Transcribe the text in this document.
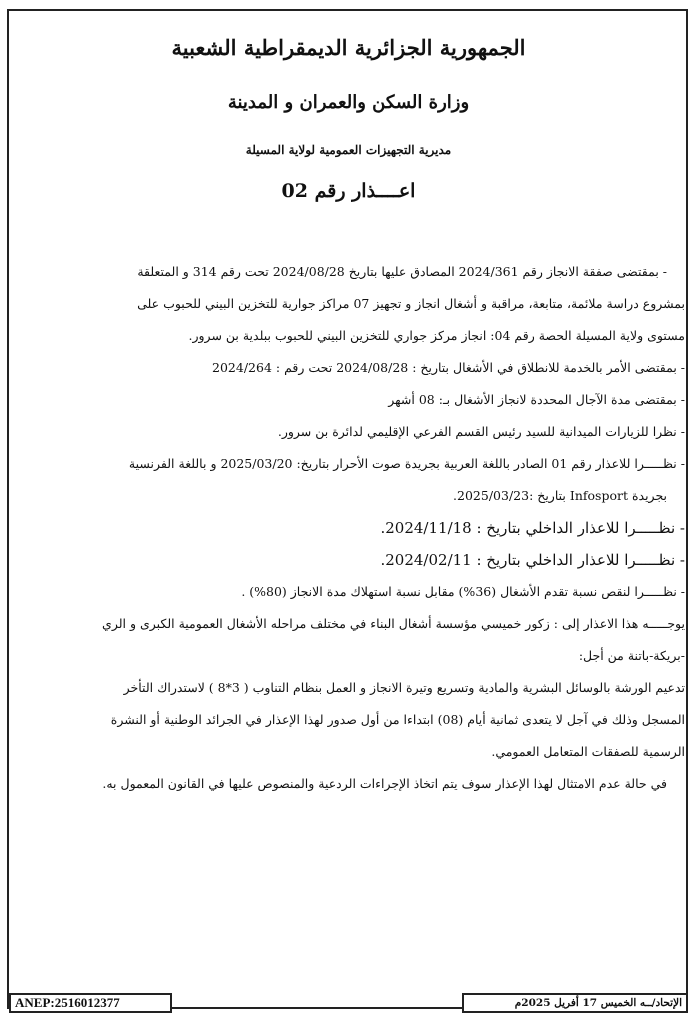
الجمهورية الجزائرية الديمقراطية الشعبية
وزارة السكن والعمران و المدينة
مديرية التجهيزات العمومية لولاية المسيلة
اعــــذار رقم 02

- بمقتضى صفقة الانجاز رقم 2024/361 المصادق عليها بتاريخ 2024/08/28 تحت رقم 314 و المتعلقة

بمشروع دراسة ملائمة، متابعة، مراقبة و أشغال انجاز و تجهيز 07 مراكز جوارية للتخزين البيني للحبوب على

مستوى ولاية المسيلة الحصة رقم 04: انجاز مركز جواري للتخزين البيني للحبوب ببلدية بن سرور.

- بمقتضى الأمر بالخدمة للانطلاق في الأشغال بتاريخ : 2024/08/28 تحت رقم : 2024/264

- بمقتضى مدة الآجال المحددة لانجاز الأشغال بـ: 08 أشهر

- نظرا للزيارات الميدانية للسيد رئيس القسم الفرعي الإقليمي لدائرة بن سرور.

- نظـــــرا للاعذار رقم 01 الصادر باللغة العربية بجريدة صوت الأحرار بتاريخ: 2025/03/20 و باللغة الفرنسية

بجريدة Infosport بتاريخ :2025/03/23.

- نظـــــرا للاعذار الداخلي بتاريخ : 2024/11/18.

- نظـــــرا للاعذار الداخلي بتاريخ : 2024/02/11.

- نظـــــرا لنقص نسبة تقدم الأشغال (36%) مقابل نسبة استهلاك مدة الانجاز (80%) .

يوجـــــه هذا الاعذار إلى : زكور خميسي مؤسسة أشغال البناء في مختلف مراحله الأشغال العمومية الكبرى و الري

-بريكة-باتنة من أجل:

تدعيم الورشة بالوسائل البشرية والمادية وتسريع وتيرة الانجاز و العمل بنظام التناوب ( 3*8 ) لاستدراك التأخر

المسجل وذلك في آجل لا يتعدى ثمانية أيام (08) ابتداءا من أول صدور لهذا الإعذار في الجرائد الوطنية أو النشرة

الرسمية للصفقات المتعامل العمومي.

في حالة عدم الامتثال لهذا الإعذار سوف يتم اتخاذ الإجراءات الردعية والمنصوص عليها في القانون المعمول به.

ANEP:2516012377	الإتحاد/ــه الخميس 17 أفريل 2025م
